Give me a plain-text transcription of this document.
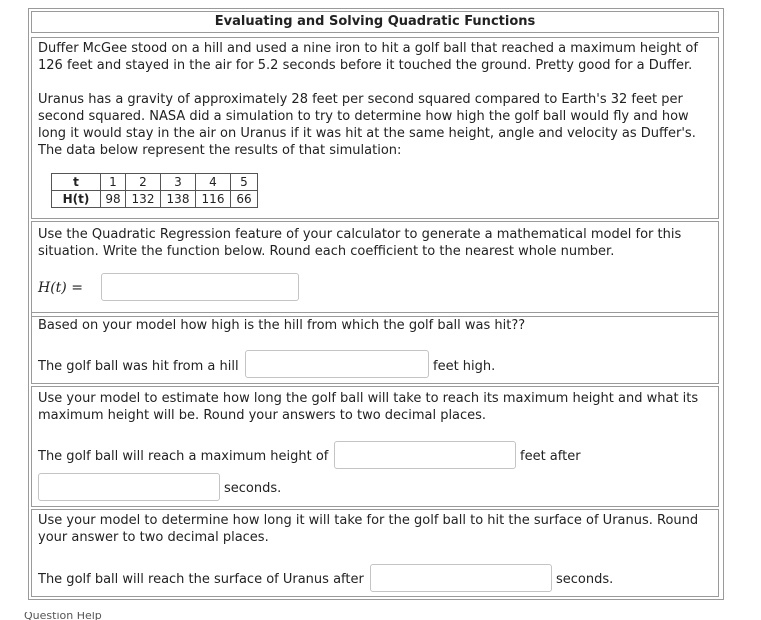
Evaluating and Solving Quadratic Functions

Duffer McGee stood on a hill and used a nine iron to hit a golf ball that reached a maximum height of 126 feet and stayed in the air for 5.2 seconds before it touched the ground. Pretty good for a Duffer.

Uranus has a gravity of approximately 28 feet per second squared compared to Earth's 32 feet per second squared. NASA did a simulation to try to determine how high the golf ball would fly and how long it would stay in the air on Uranus if it was hit at the same height, angle and velocity as Duffer's. The data below represent the results of that simulation:

t	1	2	3	4	5
H(t)	98	132	138	116	66

Use the Quadratic Regression feature of your calculator to generate a mathematical model for this situation. Write the function below. Round each coefficient to the nearest whole number.

H(t) =

Based on your model how high is the hill from which the golf ball was hit??

The golf ball was hit from a hill	feet high.

Use your model to estimate how long the golf ball will take to reach its maximum height and what its maximum height will be. Round your answers to two decimal places.

The golf ball will reach a maximum height of	feet after
seconds.

Use your model to determine how long it will take for the golf ball to hit the surface of Uranus. Round your answer to two decimal places.

The golf ball will reach the surface of Uranus after	seconds.
Question Help
